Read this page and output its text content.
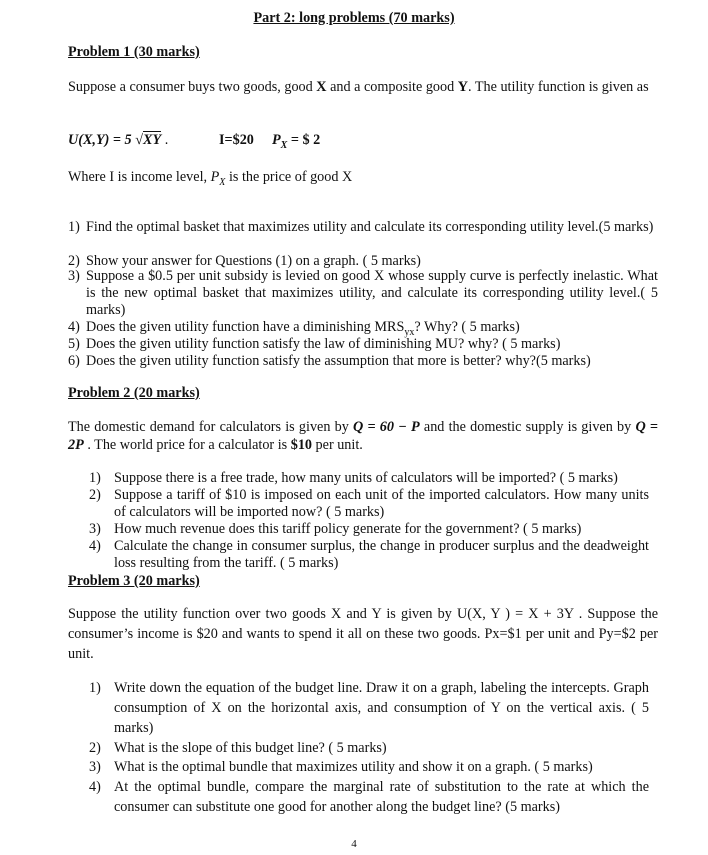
Part 2: long problems (70 marks)
Problem 1 (30 marks)
Suppose a consumer buys two goods, good X and a composite good Y. The utility function is given as
U(X,Y) = 5 √XY .	I=$20 $P_X$ = $ 2
Where I is income level, $P_X$ is the price of good X
1) Find the optimal basket that maximizes utility and calculate its corresponding utility level.(5 marks)
2) Show your answer for Questions (1) on a graph. ( 5 marks)
3) Suppose a $0.5 per unit subsidy is levied on good X whose supply curve is perfectly inelastic. What is the new optimal basket that maximizes utility, and calculate its corresponding utility level.( 5 marks)
4) Does the given utility function have a diminishing $MRS_{yx}$? Why? ( 5 marks)
5) Does the given utility function satisfy the law of diminishing MU? why? ( 5 marks)
6) Does the given utility function satisfy the assumption that more is better? why?(5 marks)
Problem 2 (20 marks)
The domestic demand for calculators is given by Q = 60 − P and the domestic supply is given by Q = 2P . The world price for a calculator is $10 per unit.
1) Suppose there is a free trade, how many units of calculators will be imported? ( 5 marks)
2) Suppose a tariff of $10 is imposed on each unit of the imported calculators. How many units of calculators will be imported now? ( 5 marks)
3) How much revenue does this tariff policy generate for the government? ( 5 marks)
4) Calculate the change in consumer surplus, the change in producer surplus and the deadweight loss resulting from the tariff. ( 5 marks)
Problem 3 (20 marks)
Suppose the utility function over two goods X and Y is given by U(X, Y ) = X + 3Y . Suppose the consumer’s income is $20 and wants to spend it all on these two goods. Px=$1 per unit and Py=$2 per unit.
1) Write down the equation of the budget line. Draw it on a graph, labeling the intercepts. Graph consumption of X on the horizontal axis, and consumption of Y on the vertical axis. ( 5 marks)
2) What is the slope of this budget line? ( 5 marks)
3) What is the optimal bundle that maximizes utility and show it on a graph. ( 5 marks)
4) At the optimal bundle, compare the marginal rate of substitution to the rate at which the consumer can substitute one good for another along the budget line? (5 marks)
4
